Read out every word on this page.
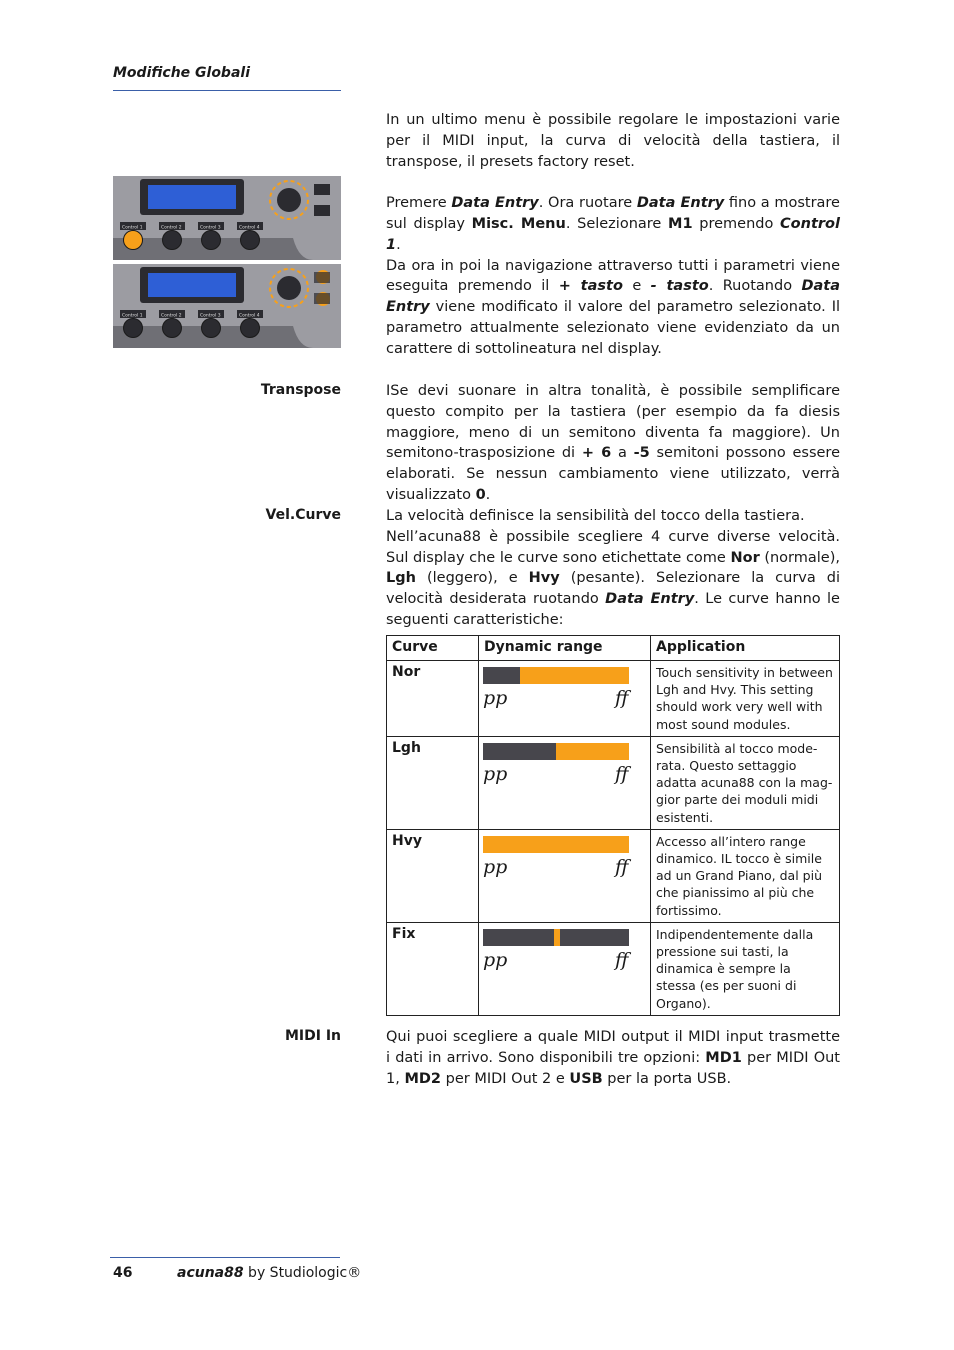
Modifiche Globali

In un ultimo menu è possibile regolare le impostazioni varie per il MIDI input, la curva di velocità della tastiera, il transpose, il presets factory reset.

Premere Data Entry. Ora ruotare Data Entry fino a mostrare sul display Misc. Menu. Selezionare M1 premendo Control 1.

Da ora in poi la navigazione attraverso tutti i parametri viene eseguita premendo il + tasto e - tasto. Ruotando Data Entry viene modificato il valore del parametro selezionato. Il parametro attualmente selezionato viene evidenziato da un carattere di sottolineatura nel display.

Control 1	Control 2	Control 3	Control 4
Control 1	Control 2	Control 3	Control 4
Transpose	ISe devi suonare in altra tonalità, è possibile semplificare questo compito per la tastiera (per esempio da fa diesis maggiore, meno di un semitono diventa fa maggiore). Un semitono-trasposizione di + 6 a -5 semitoni possono essere elaborati. Se nessun cambiamento viene utilizzato, verrà visualizzato 0.

Vel.Curve	La velocità definisce la sensibilità del tocco della tastiera.

Nell’acuna88 è possibile scegliere 4 curve diverse velocità. Sul display che le curve sono etichettate come Nor (normale), Lgh (leggero), e Hvy (pesante). Selezionare la curva di velocità desiderata ruotando Data Entry. Le curve hanno le seguenti caratteristiche:

Curve	Dynamic range	Application
Nor	pp ff	Touch sensitivity in between Lgh and Hvy. This setting should work very well with most sound modules.
Lgh	pp ff	Sensibilità al tocco moderata. Questo settaggio adatta acuna88 con la maggior parte dei moduli midi esistenti.
Hvy	pp ff	Accesso all’intero range dinamico. IL tocco è simile ad un Grand Piano, dal più che pianissimo al più che fortissimo.
Fix	pp ff	Indipendentemente dalla pressione sui tasti, la dinamica è sempre la stessa (es per suoni di Organo).
MIDI In	Qui puoi scegliere a quale MIDI output il MIDI input trasmette i dati in arrivo. Sono disponibili tre opzioni: MD1 per MIDI Out 1, MD2 per MIDI Out 2 e USB per la porta USB.

46	acuna88 by Studiologic®
